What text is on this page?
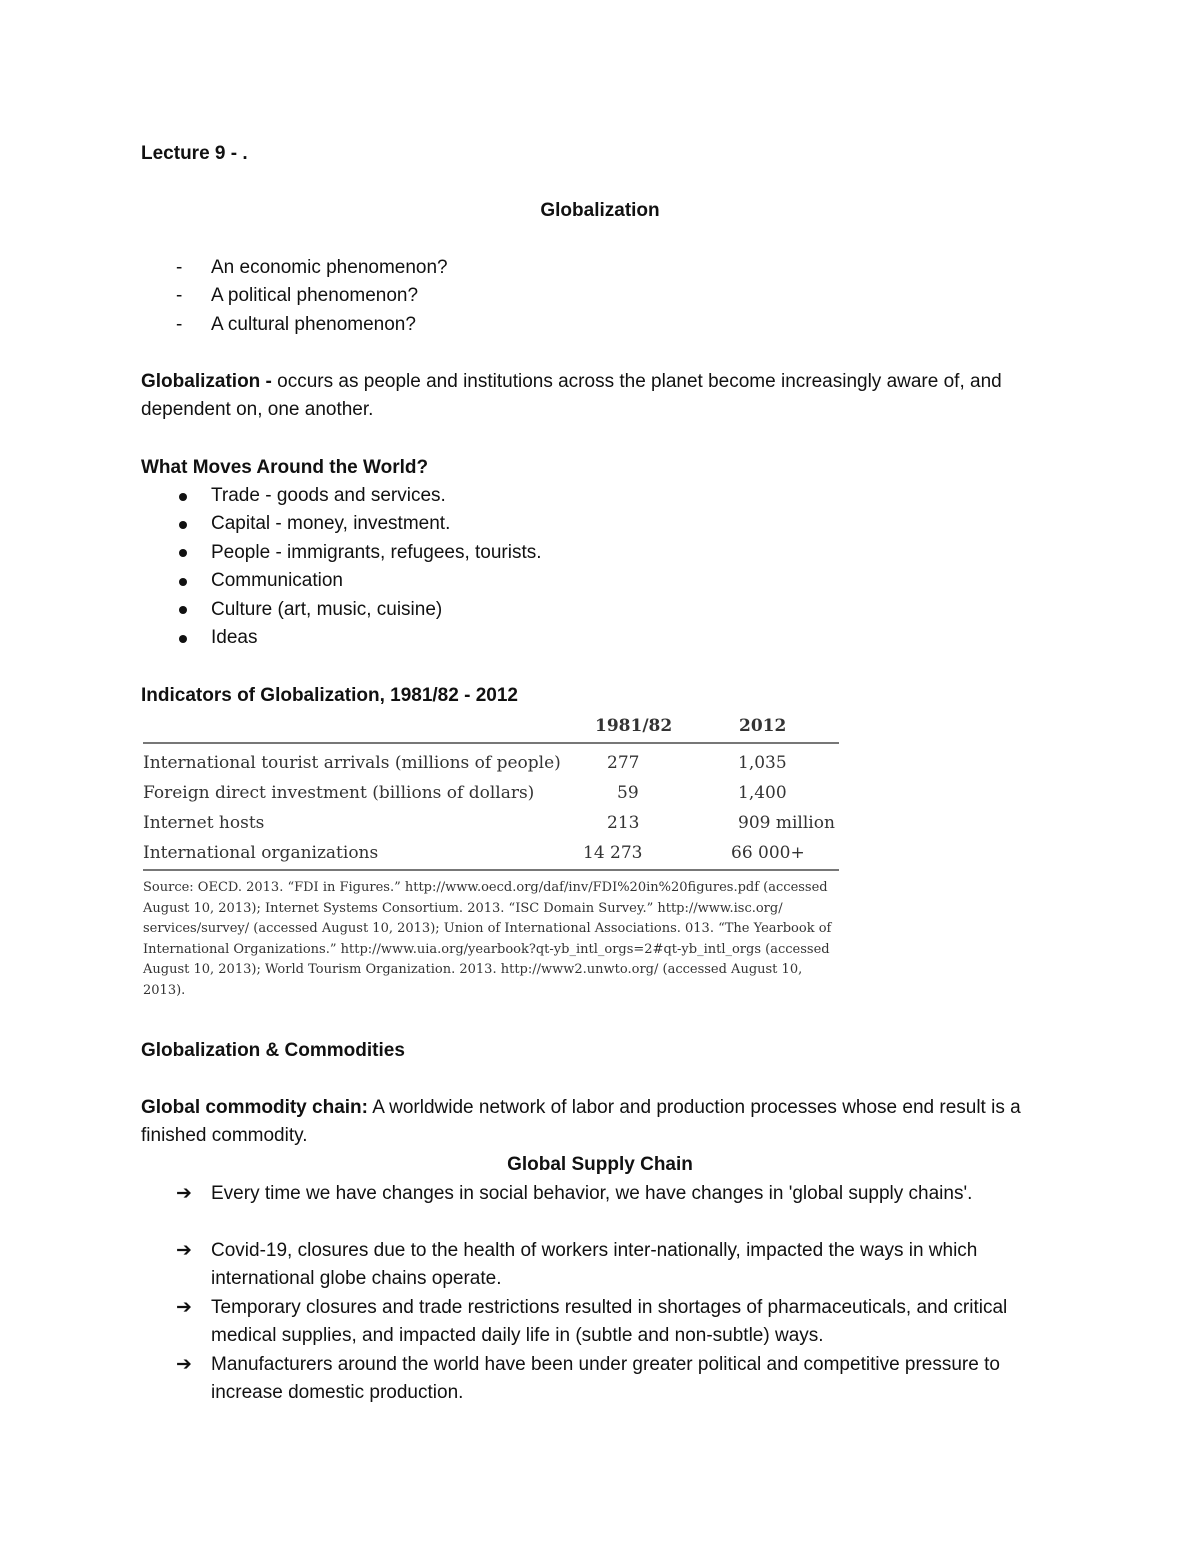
Lecture 9 - .
Globalization
- An economic phenomenon?
- A political phenomenon?
- A cultural phenomenon?
Globalization - occurs as people and institutions across the planet become increasingly aware of, and dependent on, one another.
What Moves Around the World?
Trade - goods and services.
Capital - money, investment.
People - immigrants, refugees, tourists.
Communication
Culture (art, music, cuisine)
Ideas
Indicators of Globalization, 1981/82 - 2012
1981/82	2012
International tourist arrivals (millions of people)	277	1,035
Foreign direct investment (billions of dollars)	59	1,400
Internet hosts	213	909 million
International organizations	14 273	66 000+
Source: OECD. 2013. “FDI in Figures.” http://www.oecd.org/daf/inv/FDI%20in%20figures.pdf (accessed
August 10, 2013); Internet Systems Consortium. 2013. “ISC Domain Survey.” http://www.isc.org/
services/survey/ (accessed August 10, 2013); Union of International Associations. 013. “The Yearbook of
International Organizations.” http://www.uia.org/yearbook?qt-yb_intl_orgs=2#qt-yb_intl_orgs (accessed
August 10, 2013); World Tourism Organization. 2013. http://www2.unwto.org/ (accessed August 10, 2013).
Globalization & Commodities
Global commodity chain: A worldwide network of labor and production processes whose end result is a finished commodity.
Global Supply Chain
➔ Every time we have changes in social behavior, we have changes in 'global supply chains'.
➔ Covid-19, closures due to the health of workers inter-nationally, impacted the ways in which international globe chains operate.
➔ Temporary closures and trade restrictions resulted in shortages of pharmaceuticals, and critical medical supplies, and impacted daily life in (subtle and non-subtle) ways.
➔ Manufacturers around the world have been under greater political and competitive pressure to increase domestic production.
